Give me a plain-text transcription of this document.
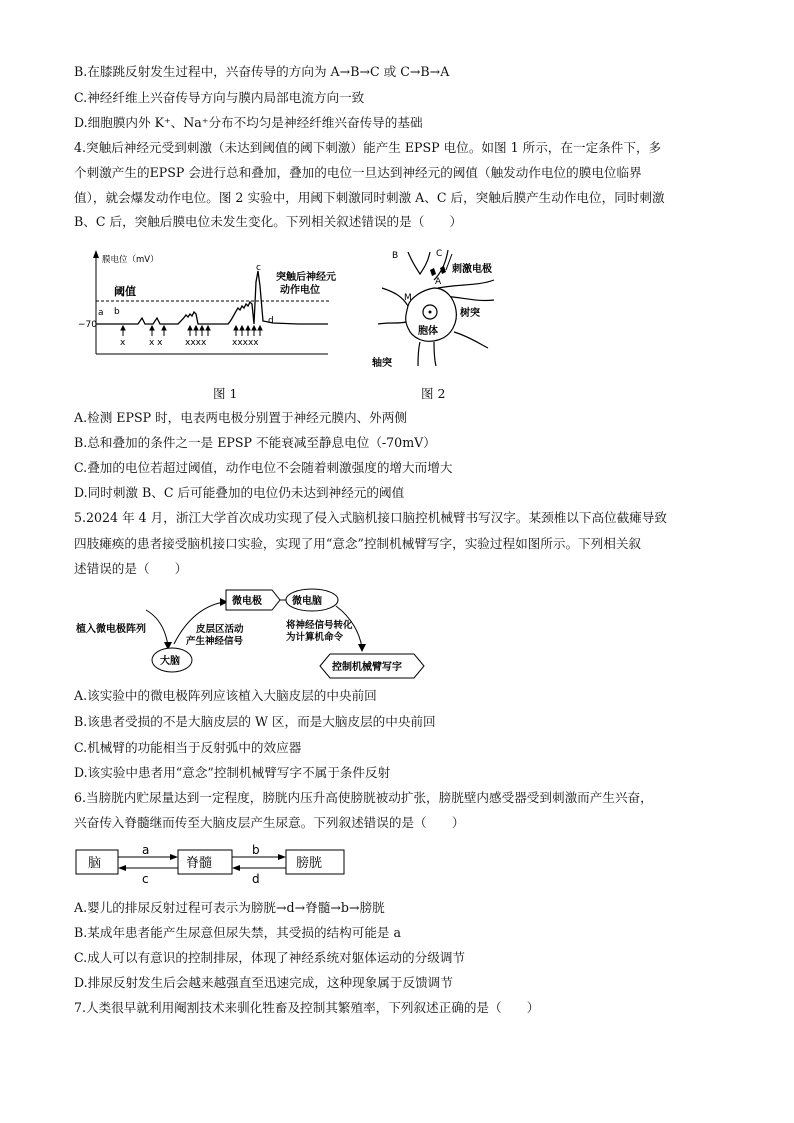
B.在膝跳反射发生过程中，兴奋传导的方向为 A→B→C 或 C→B→A
C.神经纤维上兴奋传导方向与膜内局部电流方向一致
D.细胞膜内外 K⁺、Na⁺分布不均匀是神经纤维兴奋传导的基础
4.突触后神经元受到刺激（未达到阈值的阈下刺激）能产生 EPSP 电位。如图 1 所示，在一定条件下，多
个刺激产生的EPSP 会进行总和叠加，叠加的电位一旦达到神经元的阈值（触发动作电位的膜电位临界
值），就会爆发动作电位。图 2 实验中，用阈下刺激同时刺激 A、C 后，突触后膜产生动作电位，同时刺激
B、C 后，突触后膜电位未发生变化。下列相关叙述错误的是（　　）
膜电位（mV）
阈值
−70
a b
c
d
突触后神经元
动作电位
x	x x xxxx	xxxxx
图 1
B	C
A
M
刺激电极
树突
胞体
轴突
图 2
A.检测 EPSP 时，电表两电极分别置于神经元膜内、外两侧
B.总和叠加的条件之一是 EPSP 不能衰减至静息电位（-70mV）
C.叠加的电位若超过阈值，动作电位不会随着刺激强度的增大而增大
D.同时刺激 B、C 后可能叠加的电位仍未达到神经元的阈值
5.2024 年 4 月，浙江大学首次成功实现了侵入式脑机接口脑控机械臂书写汉字。某颈椎以下高位截瘫导致
四肢瘫痪的患者接受脑机接口实验，实现了用“意念”控制机械臂写字，实验过程如图所示。下列相关叙
述错误的是（　　）
植入微电极阵列
大脑
皮层区活动
产生神经信号
微电极	微电脑
将神经信号转化
为计算机命令
控制机械臂写字
A.该实验中的微电极阵列应该植入大脑皮层的中央前回
B.该患者受损的不是大脑皮层的 W 区，而是大脑皮层的中央前回
C.机械臂的功能相当于反射弧中的效应器
D.该实验中患者用“意念”控制机械臂写字不属于条件反射
6.当膀胱内贮尿量达到一定程度，膀胱内压升高使膀胱被动扩张，膀胱壁内感受器受到刺激而产生兴奋，
兴奋传入脊髓继而传至大脑皮层产生尿意。下列叙述错误的是（　　）
脑	脊髓	膀胱
a
c
b
d
A.婴儿的排尿反射过程可表示为膀胱→d→脊髓→b→膀胱
B.某成年患者能产生尿意但尿失禁，其受损的结构可能是 a
C.成人可以有意识的控制排尿，体现了神经系统对躯体运动的分级调节
D.排尿反射发生后会越来越强直至迅速完成，这种现象属于反馈调节
7.人类很早就利用阉割技术来驯化牲畜及控制其繁殖率，下列叙述正确的是（　　）
